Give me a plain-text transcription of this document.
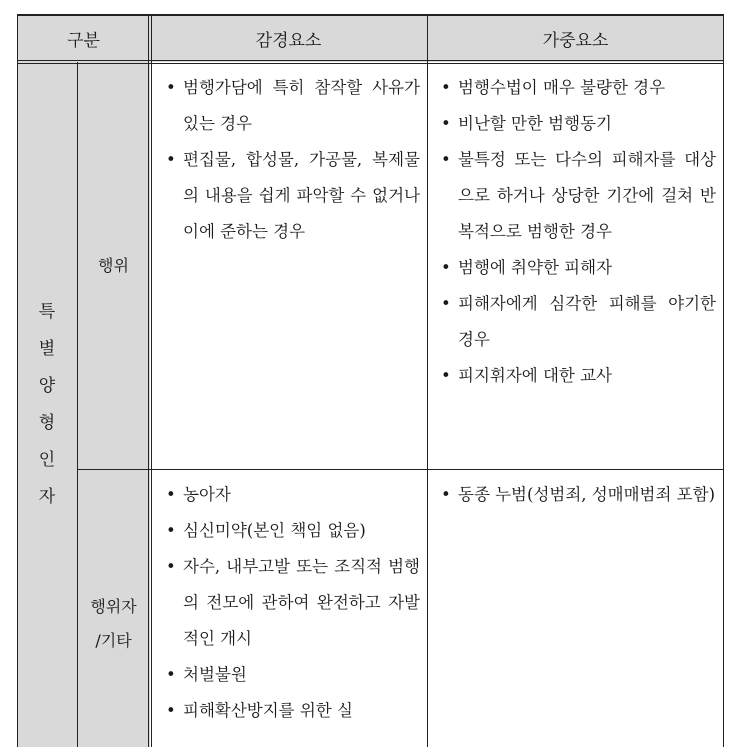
구분	감경요소	가중요소
특
별
양
형
인
자
행위
행위자
/기타
• 범행가담에 특히 참작할 사유가 있는 경우
• 편집물, 합성물, 가공물, 복제물의 내용을 쉽게 파악할 수 없거나 이에 준하는 경우
• 범행수법이 매우 불량한 경우
• 비난할 만한 범행동기
• 불특정 또는 다수의 피해자를 대상으로 하거나 상당한 기간에 걸쳐 반복적으로 범행한 경우
• 범행에 취약한 피해자
• 피해자에게 심각한 피해를 야기한 경우
• 피지휘자에 대한 교사
• 농아자
• 심신미약(본인 책임 없음)
• 자수, 내부고발 또는 조직적 범행의 전모에 관하여 완전하고 자발적인 개시
• 처벌불원
• 피해확산방지를 위한 실
• 동종 누범(성범죄, 성매매범죄 포함)
